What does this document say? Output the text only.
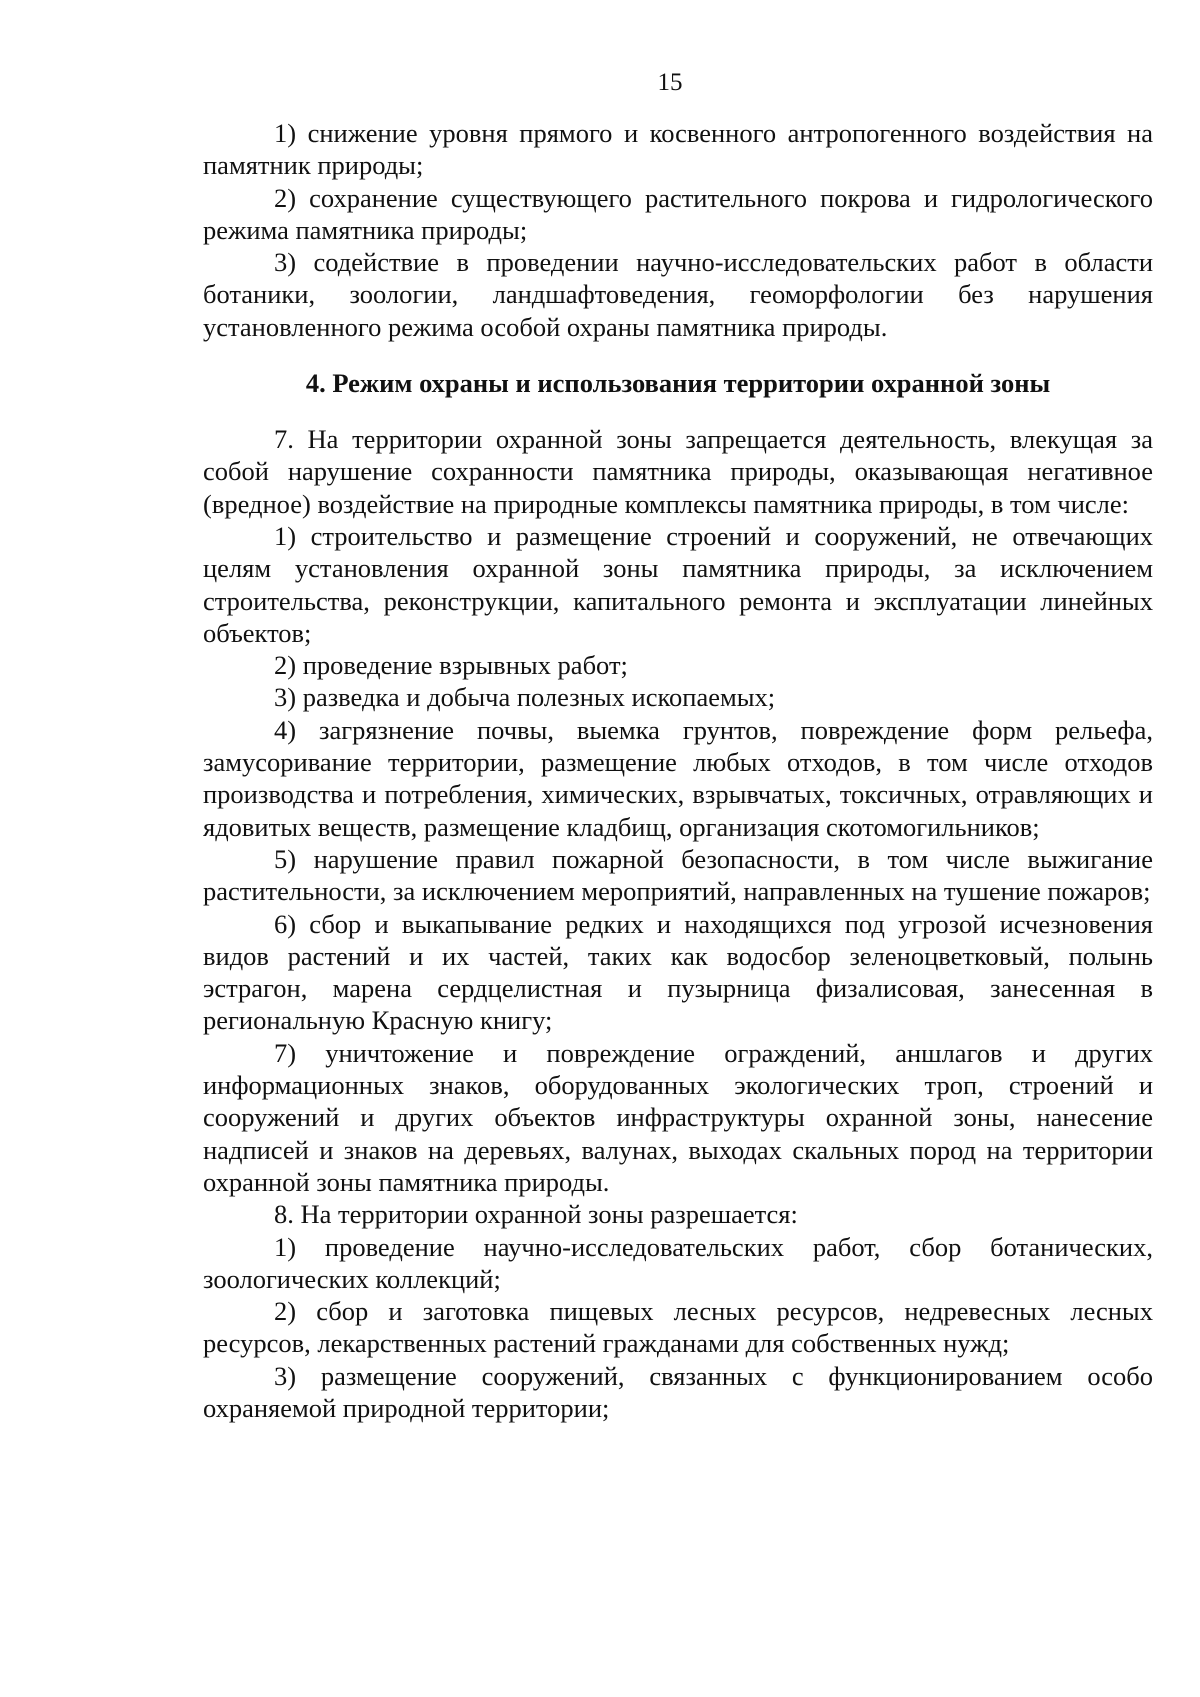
15

1) снижение уровня прямого и косвенного антропогенного воздействия на памятник природы;

2) сохранение существующего растительного покрова и гидрологического режима памятника природы;

3) содействие в проведении научно-исследовательских работ в области ботаники, зоологии, ландшафтоведения, геоморфологии без нарушения установленного режима особой охраны памятника природы.

4. Режим охраны и использования территории охранной зоны

7. На территории охранной зоны запрещается деятельность, влекущая за собой нарушение сохранности памятника природы, оказывающая негативное (вредное) воздействие на природные комплексы памятника природы, в том числе:

1) строительство и размещение строений и сооружений, не отвечающих целям установления охранной зоны памятника природы, за исключением строительства, реконструкции, капитального ремонта и эксплуатации линейных объектов;

2) проведение взрывных работ;

3) разведка и добыча полезных ископаемых;

4) загрязнение почвы, выемка грунтов, повреждение форм рельефа, замусоривание территории, размещение любых отходов, в том числе отходов производства и потребления, химических, взрывчатых, токсичных, отравляющих и ядовитых веществ, размещение кладбищ, организация скотомогильников;

5) нарушение правил пожарной безопасности, в том числе выжигание растительности, за исключением мероприятий, направленных на тушение пожаров;

6) сбор и выкапывание редких и находящихся под угрозой исчезновения видов растений и их частей, таких как водосбор зеленоцветковый, полынь эстрагон, марена сердцелистная и пузырница физалисовая, занесенная в региональную Красную книгу;

7) уничтожение и повреждение ограждений, аншлагов и других информационных знаков, оборудованных экологических троп, строений и сооружений и других объектов инфраструктуры охранной зоны, нанесение надписей и знаков на деревьях, валунах, выходах скальных пород на территории охранной зоны памятника природы.

8. На территории охранной зоны разрешается:

1) проведение научно-исследовательских работ, сбор ботанических, зоологических коллекций;

2) сбор и заготовка пищевых лесных ресурсов, недревесных лесных ресурсов, лекарственных растений гражданами для собственных нужд;

3) размещение сооружений, связанных с функционированием особо охраняемой природной территории;
